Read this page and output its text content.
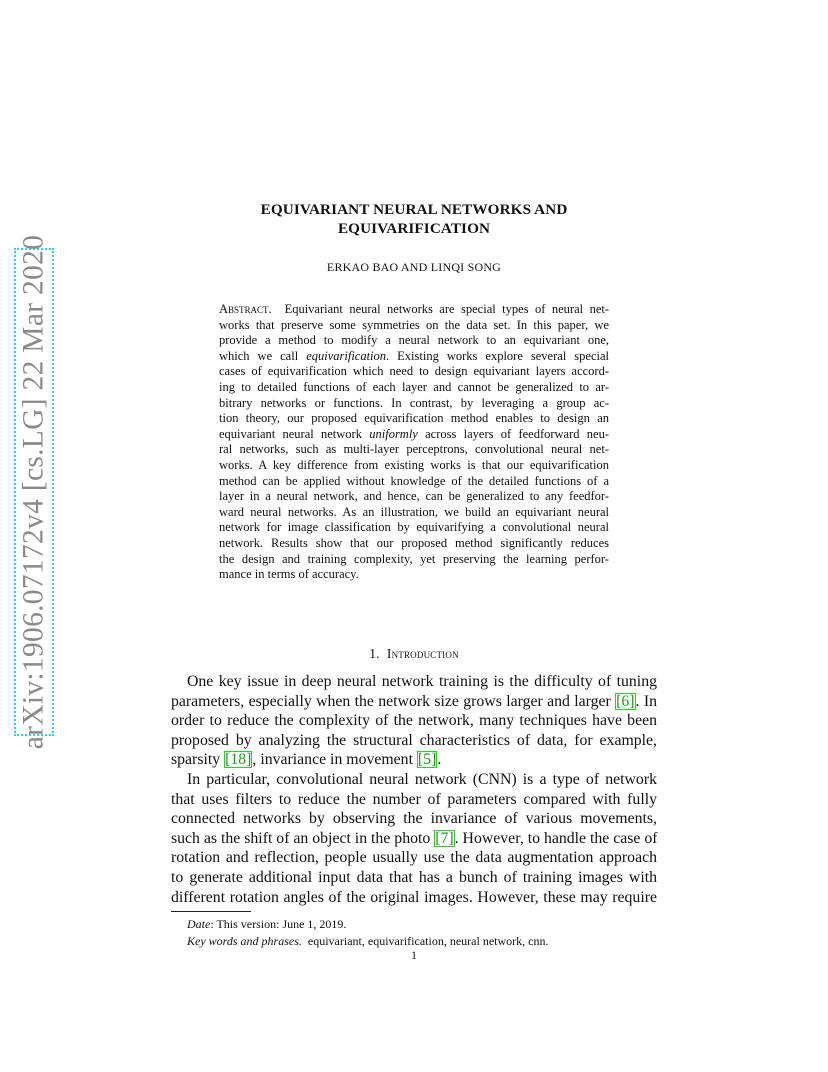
arXiv:1906.07172v4 [cs.LG] 22 Mar 2020
EQUIVARIANT NEURAL NETWORKS AND
EQUIVARIFICATION
ERKAO BAO AND LINQI SONG
Abstract. Equivariant neural networks are special types of neural net-
works that preserve some symmetries on the data set. In this paper, we
provide a method to modify a neural network to an equivariant one,
which we call equivarification. Existing works explore several special
cases of equivarification which need to design equivariant layers accord-
ing to detailed functions of each layer and cannot be generalized to ar-
bitrary networks or functions. In contrast, by leveraging a group ac-
tion theory, our proposed equivarification method enables to design an
equivariant neural network uniformly across layers of feedforward neu-
ral networks, such as multi-layer perceptrons, convolutional neural net-
works. A key difference from existing works is that our equivarification
method can be applied without knowledge of the detailed functions of a
layer in a neural network, and hence, can be generalized to any feedfor-
ward neural networks. As an illustration, we build an equivariant neural
network for image classification by equivarifying a convolutional neural
network. Results show that our proposed method significantly reduces
the design and training complexity, yet preserving the learning perfor-
mance in terms of accuracy.
1. Introduction
One key issue in deep neural network training is the difficulty of tuning
parameters, especially when the network size grows larger and larger [6]. In
order to reduce the complexity of the network, many techniques have been
proposed by analyzing the structural characteristics of data, for example,
sparsity [18], invariance in movement [5].
In particular, convolutional neural network (CNN) is a type of network
that uses filters to reduce the number of parameters compared with fully
connected networks by observing the invariance of various movements,
such as the shift of an object in the photo [7]. However, to handle the case of
rotation and reflection, people usually use the data augmentation approach
to generate additional input data that has a bunch of training images with
different rotation angles of the original images. However, these may require
Date: This version: June 1, 2019.
Key words and phrases.  equivariant, equivarification, neural network, cnn.
1
